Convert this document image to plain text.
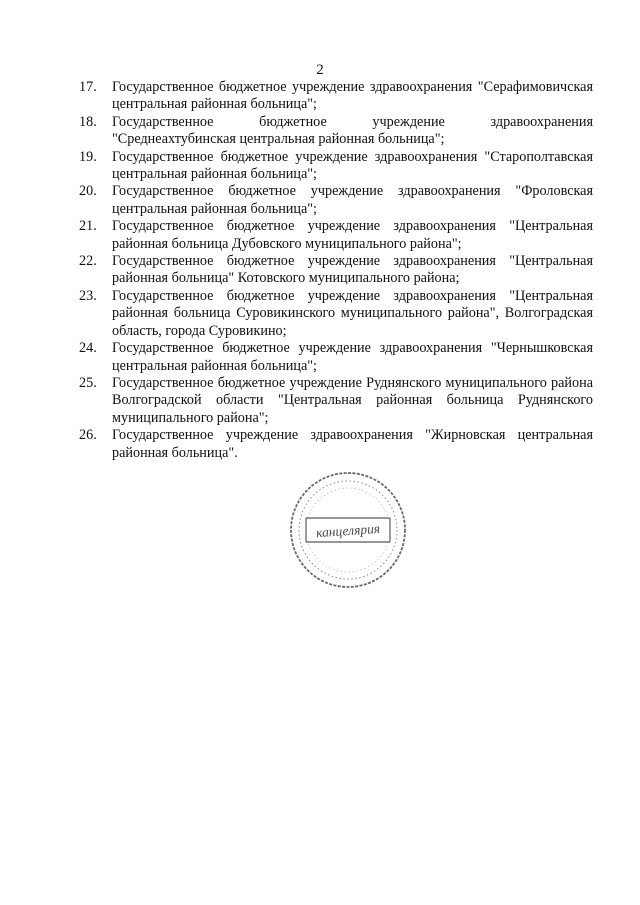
2
17. Государственное бюджетное учреждение здравоохранения "Серафимовичская центральная районная больница";
18. Государственное бюджетное учреждение здравоохранения "Среднеахтубинская центральная районная больница";
19. Государственное бюджетное учреждение здравоохранения "Старополтавская центральная районная больница";
20. Государственное бюджетное учреждение здравоохранения "Фроловская центральная районная больница";
21. Государственное бюджетное учреждение здравоохранения "Центральная районная больница Дубовского муниципального района";
22. Государственное бюджетное учреждение здравоохранения "Центральная районная больница" Котовского муниципального района;
23. Государственное бюджетное учреждение здравоохранения "Центральная районная больница Суровикинского муниципального района", Волгоградская область, города Суровикино;
24. Государственное бюджетное учреждение здравоохранения "Чернышковская центральная районная больница";
25. Государственное бюджетное учреждение Руднянского муниципального района Волгоградской области "Центральная районная больница Руднянского муниципального района";
26. Государственное учреждение здравоохранения "Жирновская центральная районная больница".
канцелярия
